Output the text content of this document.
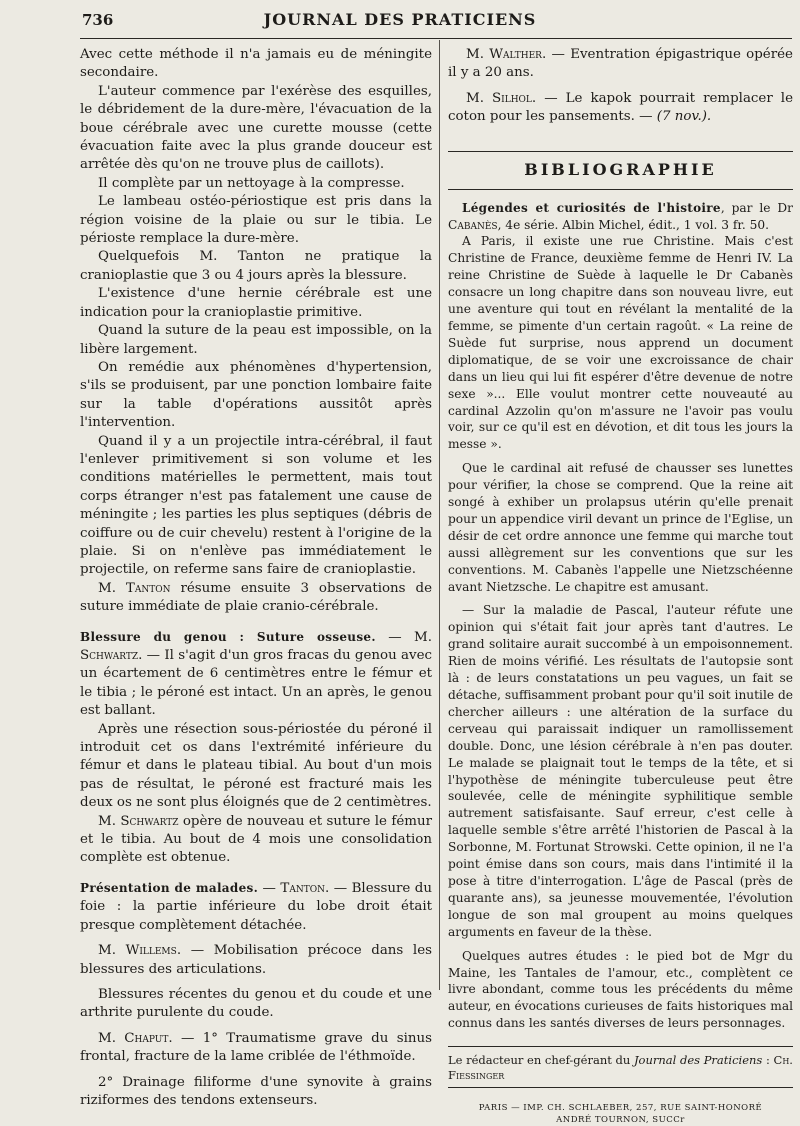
736	JOURNAL DES PRATICIENS

Avec cette méthode il n'a jamais eu de méningite secondaire.

L'auteur commence par l'exérèse des esquilles, le débridement de la dure-mère, l'évacuation de la boue cérébrale avec une curette mousse (cette évacuation faite avec la plus grande douceur est arrêtée dès qu'on ne trouve plus de caillots).

Il complète par un nettoyage à la compresse.

Le lambeau ostéo-périostique est pris dans la région voisine de la plaie ou sur le tibia. Le périoste remplace la dure-mère.

Quelquefois M. Tanton ne pratique la cranioplastie que 3 ou 4 jours après la blessure.

L'existence d'une hernie cérébrale est une indication pour la cranioplastie primitive.

Quand la suture de la peau est impossible, on la libère largement.

On remédie aux phénomènes d'hypertension, s'ils se produisent, par une ponction lombaire faite sur la table d'opérations aussitôt après l'intervention.

Quand il y a un projectile intra-cérébral, il faut l'enlever primitivement si son volume et les conditions matérielles le permettent, mais tout corps étranger n'est pas fatalement une cause de méningite ; les parties les plus septiques (débris de coiffure ou de cuir chevelu) restent à l'origine de la plaie. Si on n'enlève pas immédiatement le projectile, on referme sans faire de cranioplastie.

M. Tanton résume ensuite 3 observations de suture immédiate de plaie cranio-cérébrale.

Blessure du genou : Suture osseuse. — M. Schwartz. — Il s'agit d'un gros fracas du genou avec un écartement de 6 centimètres entre le fémur et le tibia ; le péroné est intact. Un an après, le genou est ballant.

Après une résection sous-périostée du péroné il introduit cet os dans l'extrémité inférieure du fémur et dans le plateau tibial. Au bout d'un mois pas de résultat, le péroné est fracturé mais les deux os ne sont plus éloignés que de 2 centimètres.

M. Schwartz opère de nouveau et suture le fémur et le tibia. Au bout de 4 mois une consolidation complète est obtenue.

Présentation de malades. — Tanton. — Blessure du foie : la partie inférieure du lobe droit était presque complètement détachée.

M. Willems. — Mobilisation précoce dans les blessures des articulations.

Blessures récentes du genou et du coude et une arthrite purulente du coude.

M. Chaput. — 1° Traumatisme grave du sinus frontal, fracture de la lame criblée de l'éthmoïde.

2° Drainage filiforme d'une synovite à grains riziformes des tendons extenseurs.

M. Walther. — Eventration épigastrique opérée il y a 20 ans.

M. Silhol. — Le kapok pourrait remplacer le coton pour les pansements. — (7 nov.).

BIBLIOGRAPHIE

Légendes et curiosités de l'histoire, par le Dr Cabanès, 4e série. Albin Michel, édit., 1 vol. 3 fr. 50.

A Paris, il existe une rue Christine. Mais c'est Christine de France, deuxième femme de Henri IV. La reine Christine de Suède à laquelle le Dr Cabanès consacre un long chapitre dans son nouveau livre, eut une aventure qui tout en révélant la mentalité de la femme, se pimente d'un certain ragoût. « La reine de Suède fut surprise, nous apprend un document diplomatique, de se voir une excroissance de chair dans un lieu qui lui fit espérer d'être devenue de notre sexe »... Elle voulut montrer cette nouveauté au cardinal Azzolin qu'on m'assure ne l'avoir pas voulu voir, sur ce qu'il est en dévotion, et dit tous les jours la messe ».

Que le cardinal ait refusé de chausser ses lunettes pour vérifier, la chose se comprend. Que la reine ait songé à exhiber un prolapsus utérin qu'elle prenait pour un appendice viril devant un prince de l'Eglise, un désir de cet ordre annonce une femme qui marche tout aussi allègrement sur les conventions que sur les conventions. M. Cabanès l'appelle une Nietzschéenne avant Nietzsche. Le chapitre est amusant.

— Sur la maladie de Pascal, l'auteur réfute une opinion qui s'était fait jour après tant d'autres. Le grand solitaire aurait succombé à un empoisonnement. Rien de moins vérifié. Les résultats de l'autopsie sont là : de leurs constatations un peu vagues, un fait se détache, suffisamment probant pour qu'il soit inutile de chercher ailleurs : une altération de la surface du cerveau qui paraissait indiquer un ramollissement double. Donc, une lésion cérébrale à n'en pas douter. Le malade se plaignait tout le temps de la tête, et si l'hypothèse de méningite tuberculeuse peut être soulevée, celle de méningite syphilitique semble autrement satisfaisante. Sauf erreur, c'est celle à laquelle semble s'être arrêté l'historien de Pascal à la Sorbonne, M. Fortunat Strowski. Cette opinion, il ne l'a point émise dans son cours, mais dans l'intimité il la pose à titre d'interrogation. L'âge de Pascal (près de quarante ans), sa jeunesse mouvementée, l'évolution longue de son mal groupent au moins quelques arguments en faveur de la thèse.

Quelques autres études : le pied bot de Mgr du Maine, les Tantales de l'amour, etc., complètent ce livre abondant, comme tous les précédents du même auteur, en évocations curieuses de faits historiques mal connus dans les santés diverses de leurs personnages.

Le rédacteur en chef-gérant du Journal des Praticiens : Ch. Fiessinger
PARIS — IMP. CH. SCHLAEBER, 257, RUE SAINT-HONORÉ
ANDRÉ TOURNON, SUCCr
